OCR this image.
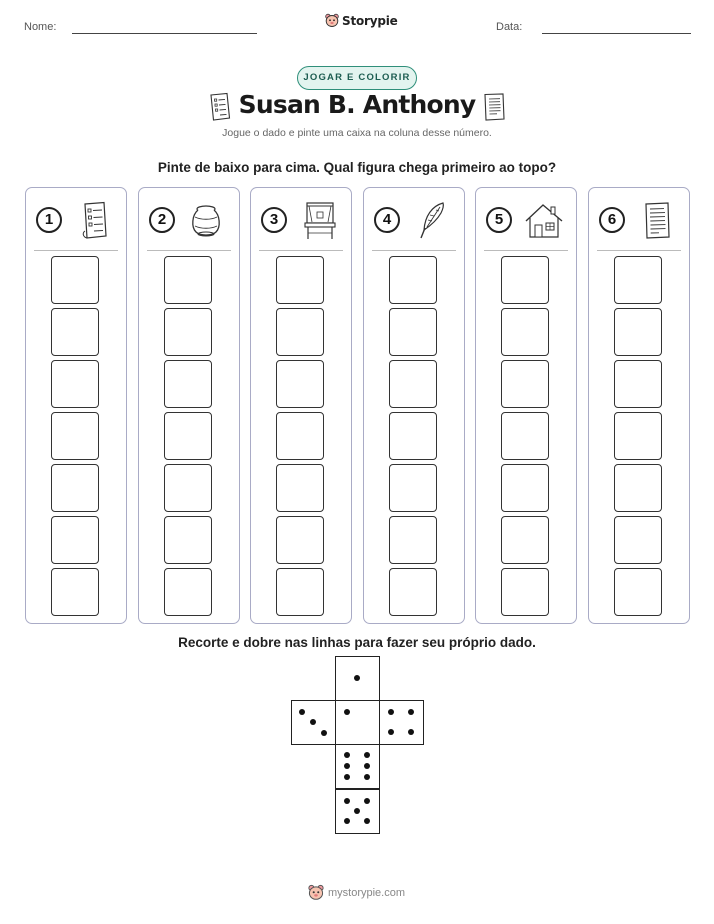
Nome:	Storypie	Data:
JOGAR E COLORIR
Susan B. Anthony
Jogue o dado e pinte uma caixa na coluna desse número.
Pinte de baixo para cima. Qual figura chega primeiro ao topo?
1	2	3	4	5	6
Recorte e dobre nas linhas para fazer seu próprio dado.
mystorypie.com
